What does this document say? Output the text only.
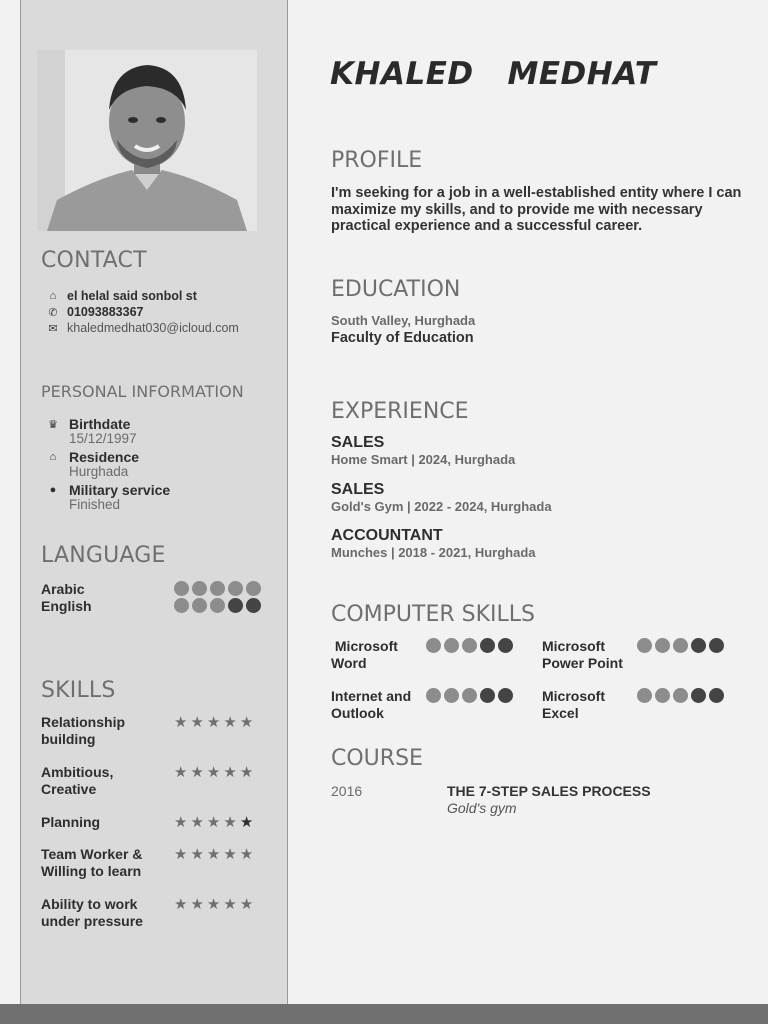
CONTACT
⌂ el helal said sonbol st
✆ 01093883367
✉ khaledmedhat030@icloud.com
PERSONAL INFORMATION
♛ Birthdate
15/12/1997
⌂ Residence
Hurghada
● Military service
Finished
LANGUAGE
Arabic
English
SKILLS
Relationship
building
★ ★ ★ ★ ★
Ambitious,
Creative
★ ★ ★ ★ ★
Planning	★ ★ ★ ★ ★
Team Worker &
Willing to learn
★ ★ ★ ★ ★
Ability to work
under pressure
★ ★ ★ ★ ★
KHALED   MEDHAT
PROFILE
I'm seeking for a job in a well-established entity where I can maximize my skills, and to provide me with necessary practical experience and a successful career.
EDUCATION
South Valley, Hurghada
Faculty of Education
EXPERIENCE
SALES
Home Smart | 2024, Hurghada
SALES
Gold's Gym | 2022 - 2024, Hurghada
ACCOUNTANT
Munches | 2018 - 2021, Hurghada
COMPUTER SKILLS
Microsoft
Word
Microsoft
Power Point
Internet and
Outlook
Microsoft
Excel
COURSE
2016	THE 7-STEP SALES PROCESS
Gold's gym
